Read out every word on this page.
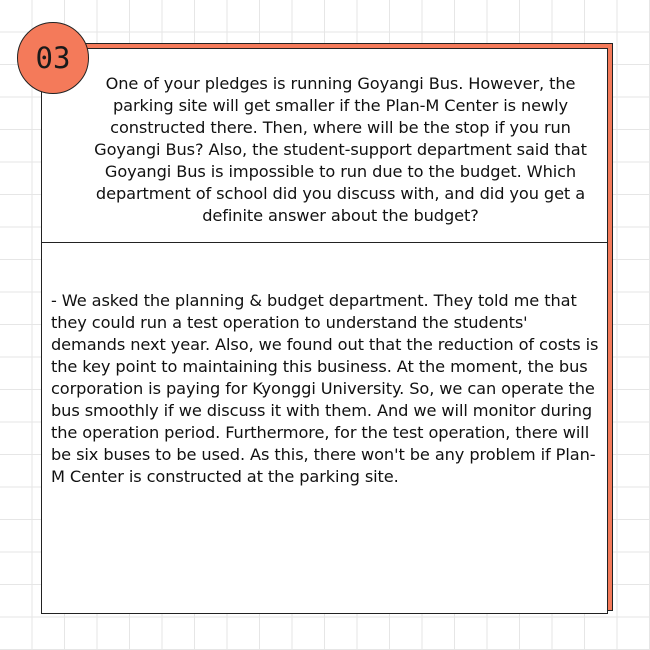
One of your pledges is running Goyangi Bus. However, the parking site will get smaller if the Plan-M Center is newly constructed there. Then, where will be the stop if you run Goyangi Bus? Also, the student-support department said that Goyangi Bus is impossible to run due to the budget. Which department of school did you discuss with, and did you get a definite answer about the budget?
- We asked the planning & budget department. They told me that they could run a test operation to understand the students' demands next year. Also, we found out that the reduction of costs is the key point to maintaining this business. At the moment, the bus corporation is paying for Kyonggi University. So, we can operate the bus smoothly if we discuss it with them. And we will monitor during the operation period. Furthermore, for the test operation, there will be six buses to be used. As this, there won't be any problem if Plan-M Center is constructed at the parking site.
03
